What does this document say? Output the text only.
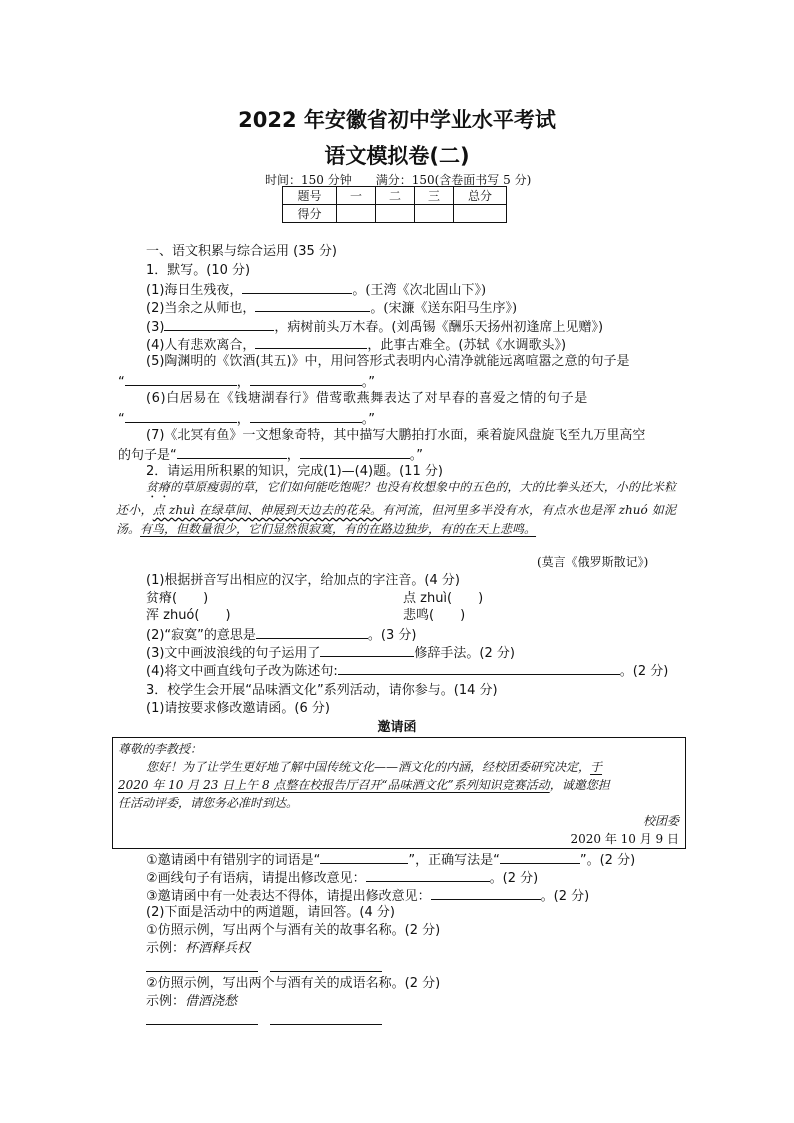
2022 年安徽省初中学业水平考试
语文模拟卷(二)
时间：150 分钟　　满分：150(含卷面书写 5 分)
题号	一	二	三	总分
得分				
一、语文积累与综合运用 (35 分)
1．默写。(10 分)
(1)海日生残夜，	。(王湾《次北固山下》)
(2)当余之从师也，	。(宋濂《送东阳马生序》)
(3)	，病树前头万木春。(刘禹锡《酬乐天扬州初逢席上见赠》)
(4)人有悲欢离合，	，此事古难全。(苏轼《水调歌头》)
(5)陶渊明的《饮酒(其五)》中，用问答形式表明内心清净就能远离喧嚣之意的句子是
“	，	。”
(6)白居易在《钱塘湖春行》借莺歌燕舞表达了对早春的喜爱之情的句子是
“	，	。”
(7)《北冥有鱼》一文想象奇特，其中描写大鹏拍打水面，乘着旋风盘旋飞至九万里高空
的句子是“	，	。”
2．请运用所积累的知识，完成(1)—(4)题。(11 分)
贫瘠的草原瘦弱的草，它们如何能吃饱呢？也没有枚想象中的五色的，大的比拳头还大，小的比米粒还小，点 zhuì 在绿草间、伸展到天边去的花朵。有河流，但河里多半没有水，有点水也是浑 zhuó 如泥汤。有鸟，但数量很少，它们显然很寂寞，有的在路边独步，有的在天上悲鸣。
(莫言《俄罗斯散记》)
(1)根据拼音写出相应的汉字，给加点的字注音。(4 分)
贫瘠(　　)	点 zhuì(　　)
浑 zhuó(　　)	悲鸣(　　)
(2)“寂寞”的意思是	。(3 分)
(3)文中画波浪线的句子运用了	修辞手法。(2 分)
(4)将文中画直线句子改为陈述句:	。(2 分)
3．校学生会开展“品味酒文化”系列活动，请你参与。(14 分)
(1)请按要求修改邀请函。(6 分)
邀请函
尊敬的李教授：
您好！为了让学生更好地了解中国传统文化——酒文化的内涵，经校团委研究决定，于
2020 年 10 月 23 日上午 8 点整在校报告厅召开“品味酒文化”系列知识竞赛活动，诚邀您担
任活动评委，请您务必准时到达。
校团委
2020 年 10 月 9 日
①邀请函中有错别字的词语是“	”，正确写法是“	”。(2 分)
②画线句子有语病，请提出修改意见：	。(2 分)
③邀请函中有一处表达不得体，请提出修改意见：	。(2 分)
(2)下面是活动中的两道题，请回答。(4 分)
①仿照示例，写出两个与酒有关的故事名称。(2 分)
示例：杯酒释兵权
②仿照示例，写出两个与酒有关的成语名称。(2 分)
示例：借酒浇愁
